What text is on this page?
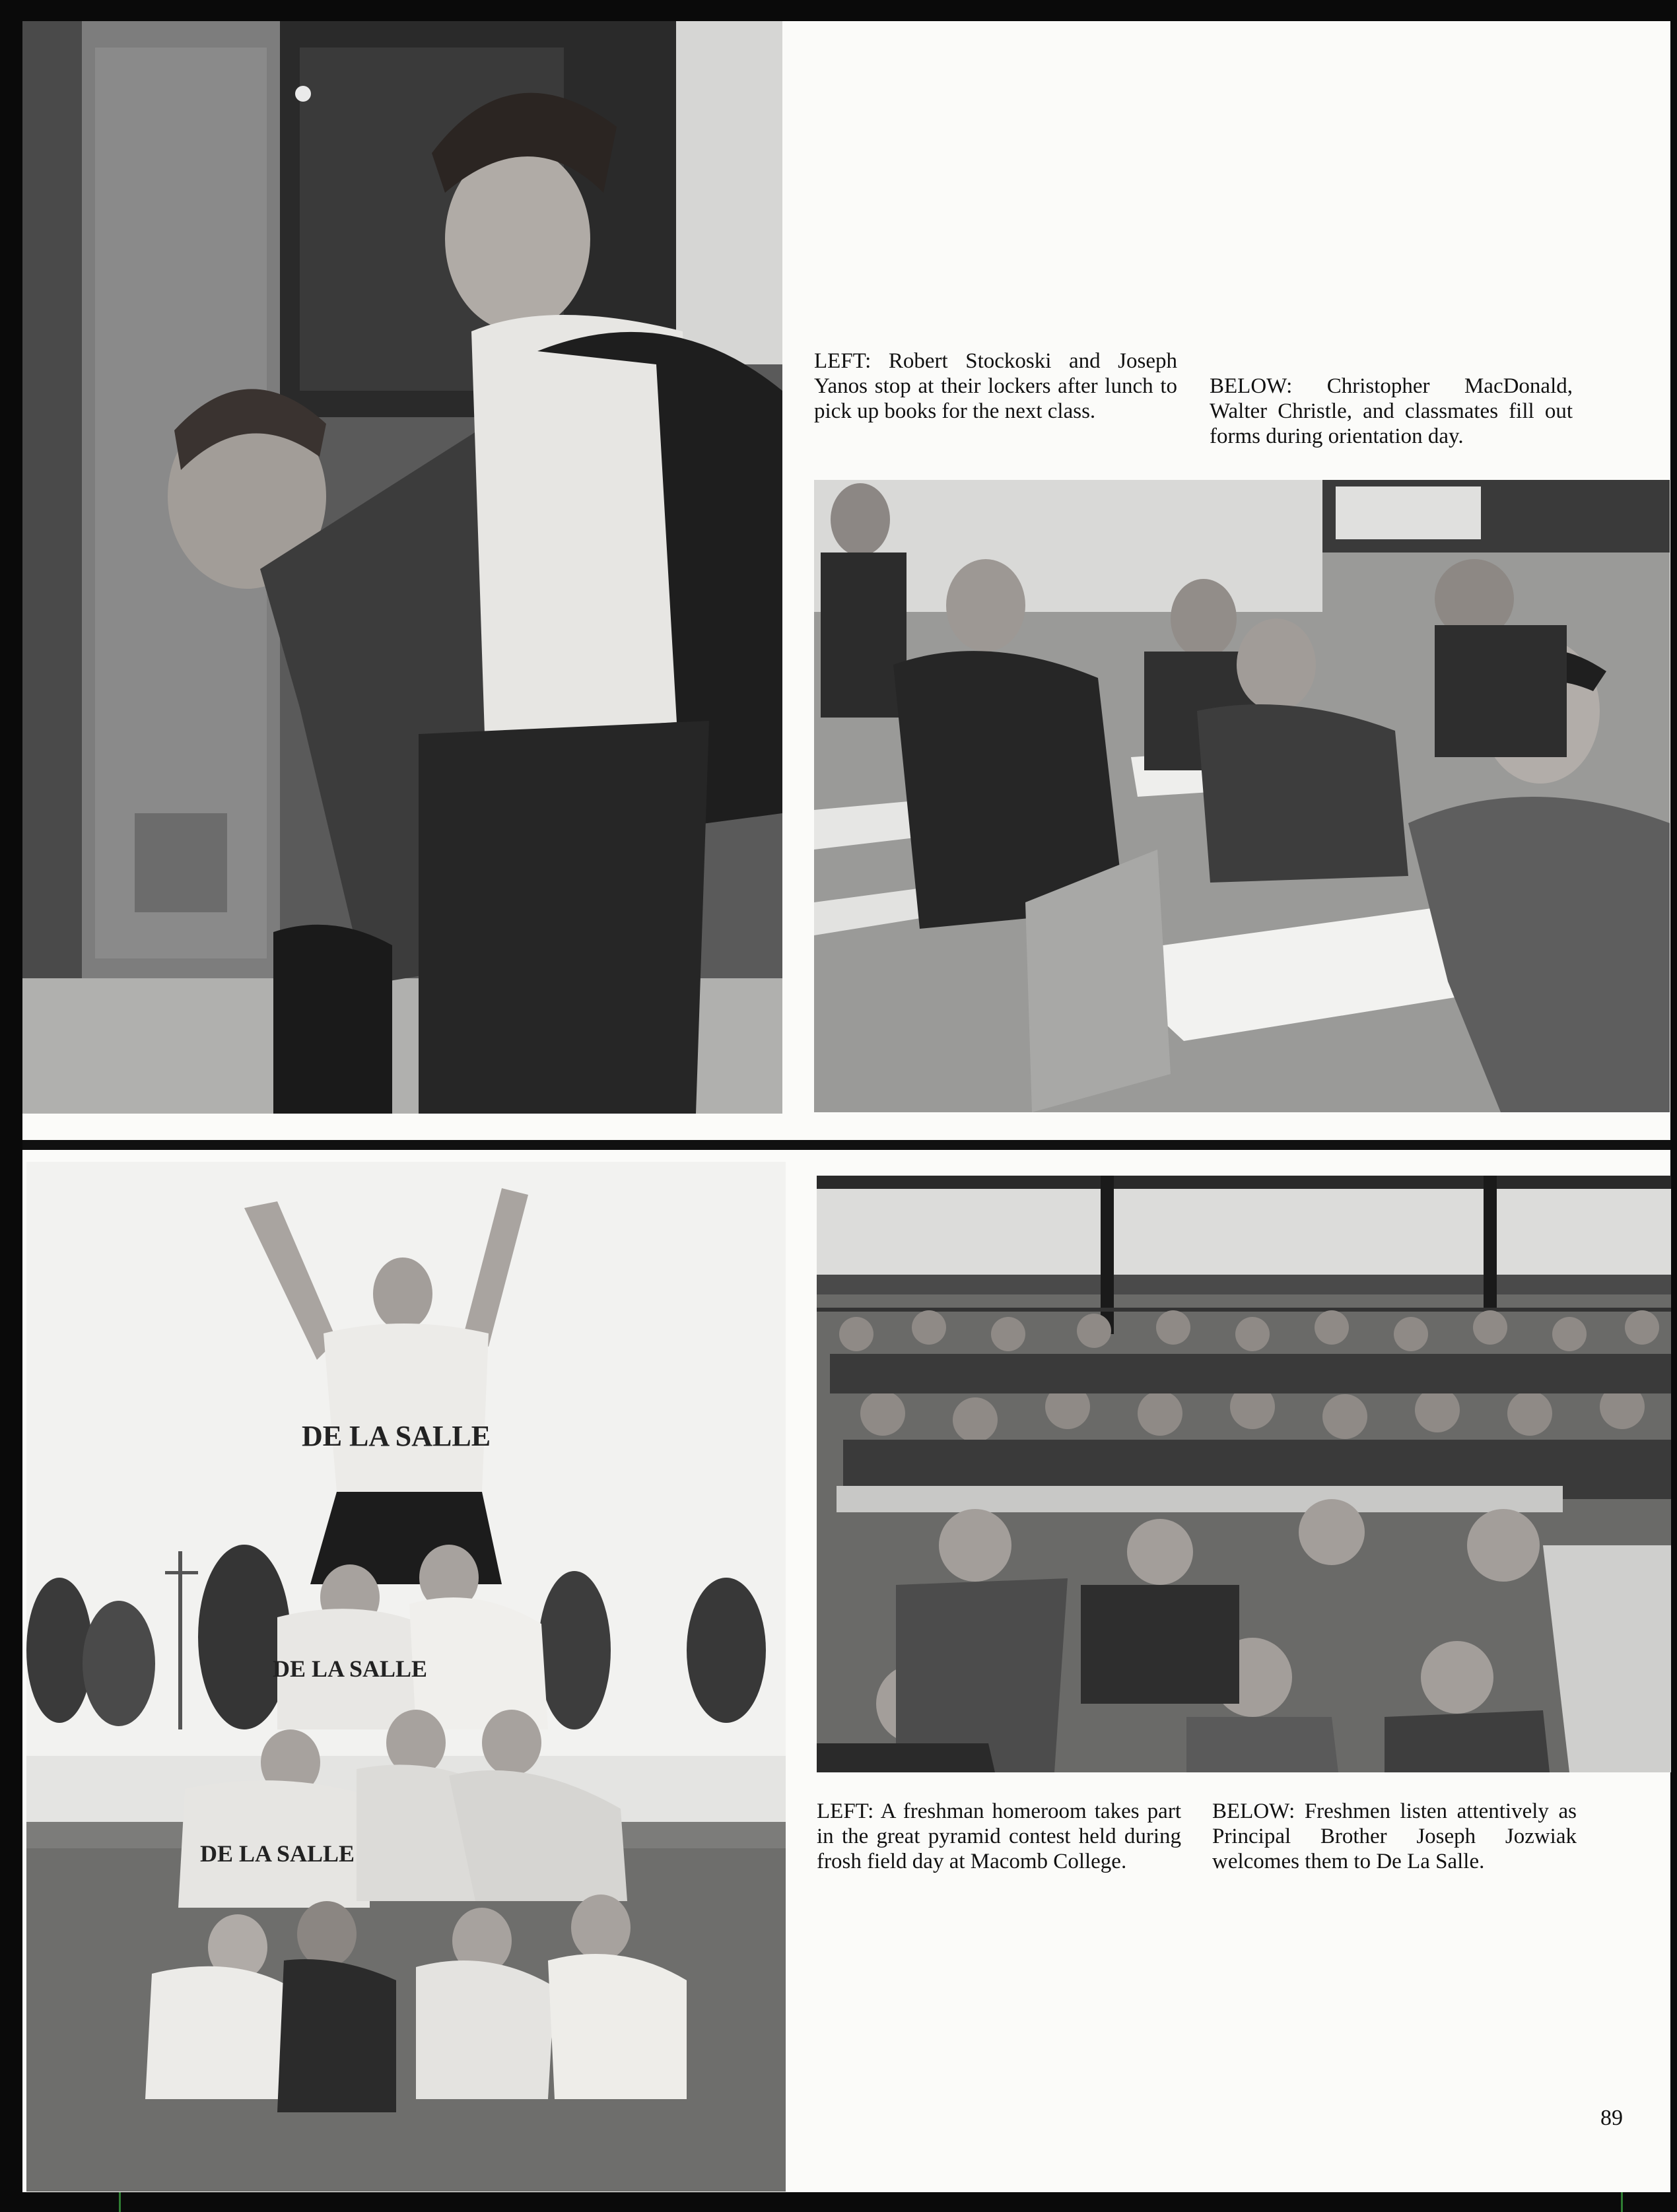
DE LA SALLE
DE LA SALLE
DE LA SALLE

LEFT: Robert Stockoski and Joseph Yanos stop at their lockers after lunch to pick up books for the next class.

BELOW: Christopher MacDonald, Walter Christle, and classmates fill out forms during orientation day.

LEFT: A freshman homeroom takes part in the great pyramid contest held during frosh field day at Macomb College.

BELOW: Freshmen listen attentively as Principal Brother Joseph Jozwiak welcomes them to De La Salle.

89
